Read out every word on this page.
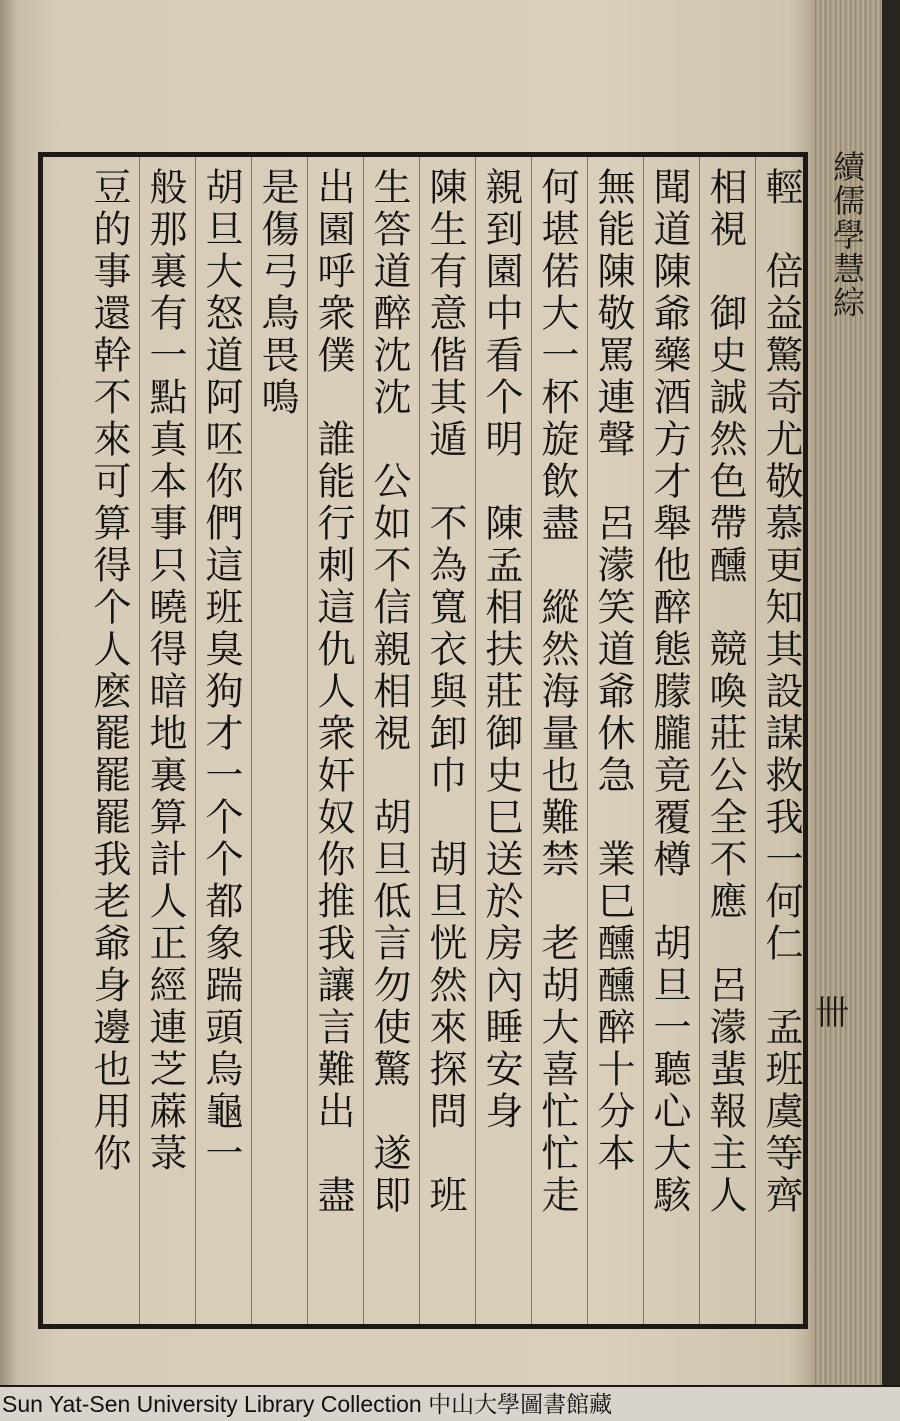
輕　倍益驚奇尤敬慕更知其設謀救我一何仁　孟班虞等齊
相視　御史誠然色帶醺　競喚莊公全不應　呂濛蜚報主人
聞道陳爺藥酒方才舉他醉態朦朧竟覆樽　胡旦一聽心大駭
無能陳敬罵連聲　呂濛笑道爺休急　業巳醺醺醉十分本
何堪偌大一杯旋飲盡　縱然海量也難禁　老胡大喜忙忙走
親到園中看个明　陳孟相扶莊御史巳送於房內睡安身
陳生有意偕其遁　不為寬衣與卸巾　胡旦恍然來探問　班
生答道醉沈沈　公如不信親相視　胡旦低言勿使驚　遂即
出園呼衆僕　誰能行刺這仇人衆奸奴你推我讓言難出　盡
是傷弓鳥畏鳴
胡旦大怒道阿呸你們這班臭狗才一个个都象踹頭烏龜一
般那裏有一點真本事只曉得暗地裏算計人正經連芝蔴菉
豆的事還幹不來可算得个人麽罷罷罷我老爺身邊也用你	續儒學慧綜
卌
Sun Yat-Sen University Library Collection 中山大學圖書館藏
